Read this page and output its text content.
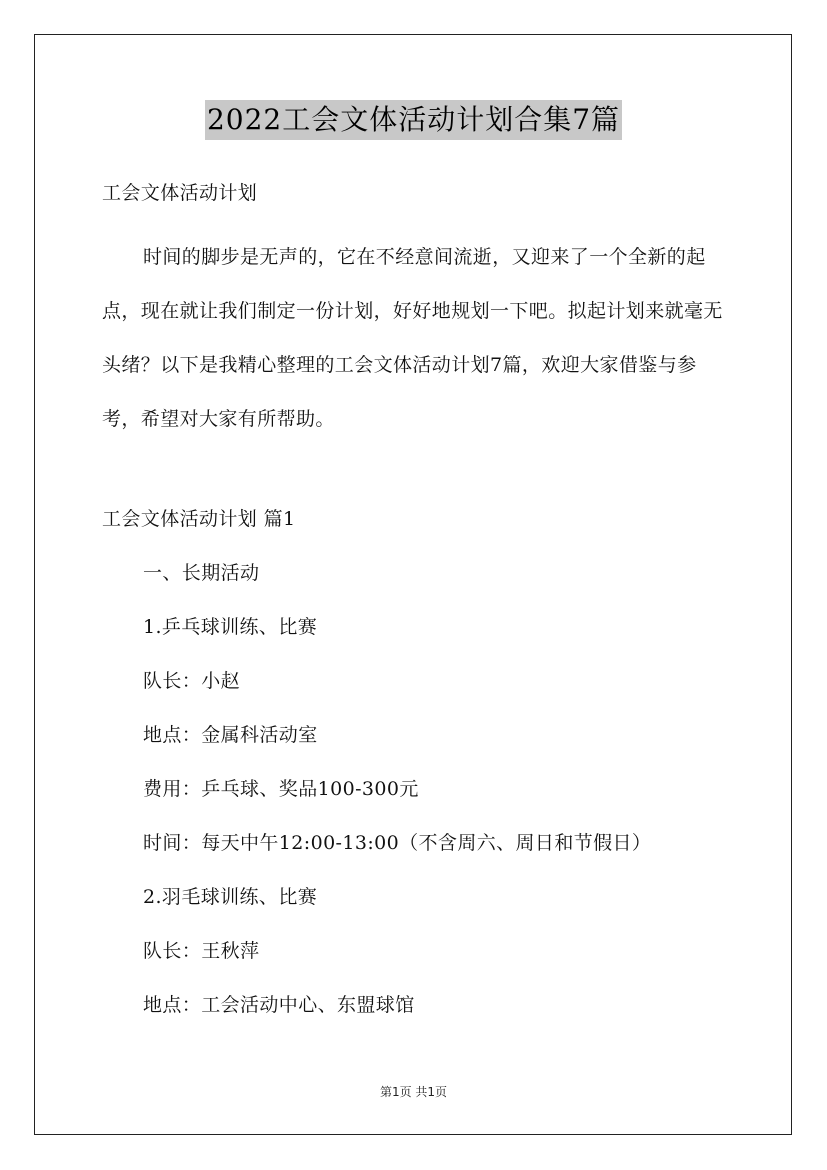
2022工会文体活动计划合集7篇
工会文体活动计划

时间的脚步是无声的，它在不经意间流逝，又迎来了一个全新的起点，现在就让我们制定一份计划，好好地规划一下吧。拟起计划来就毫无头绪？以下是我精心整理的工会文体活动计划7篇，欢迎大家借鉴与参考，希望对大家有所帮助。

工会文体活动计划 篇1
一、长期活动
1.乒乓球训练、比赛
队长：小赵
地点：金属科活动室
费用：乒乓球、奖品100-300元
时间：每天中午12:00-13:00（不含周六、周日和节假日）
2.羽毛球训练、比赛
队长：王秋萍
地点：工会活动中心、东盟球馆
第1页 共1页
